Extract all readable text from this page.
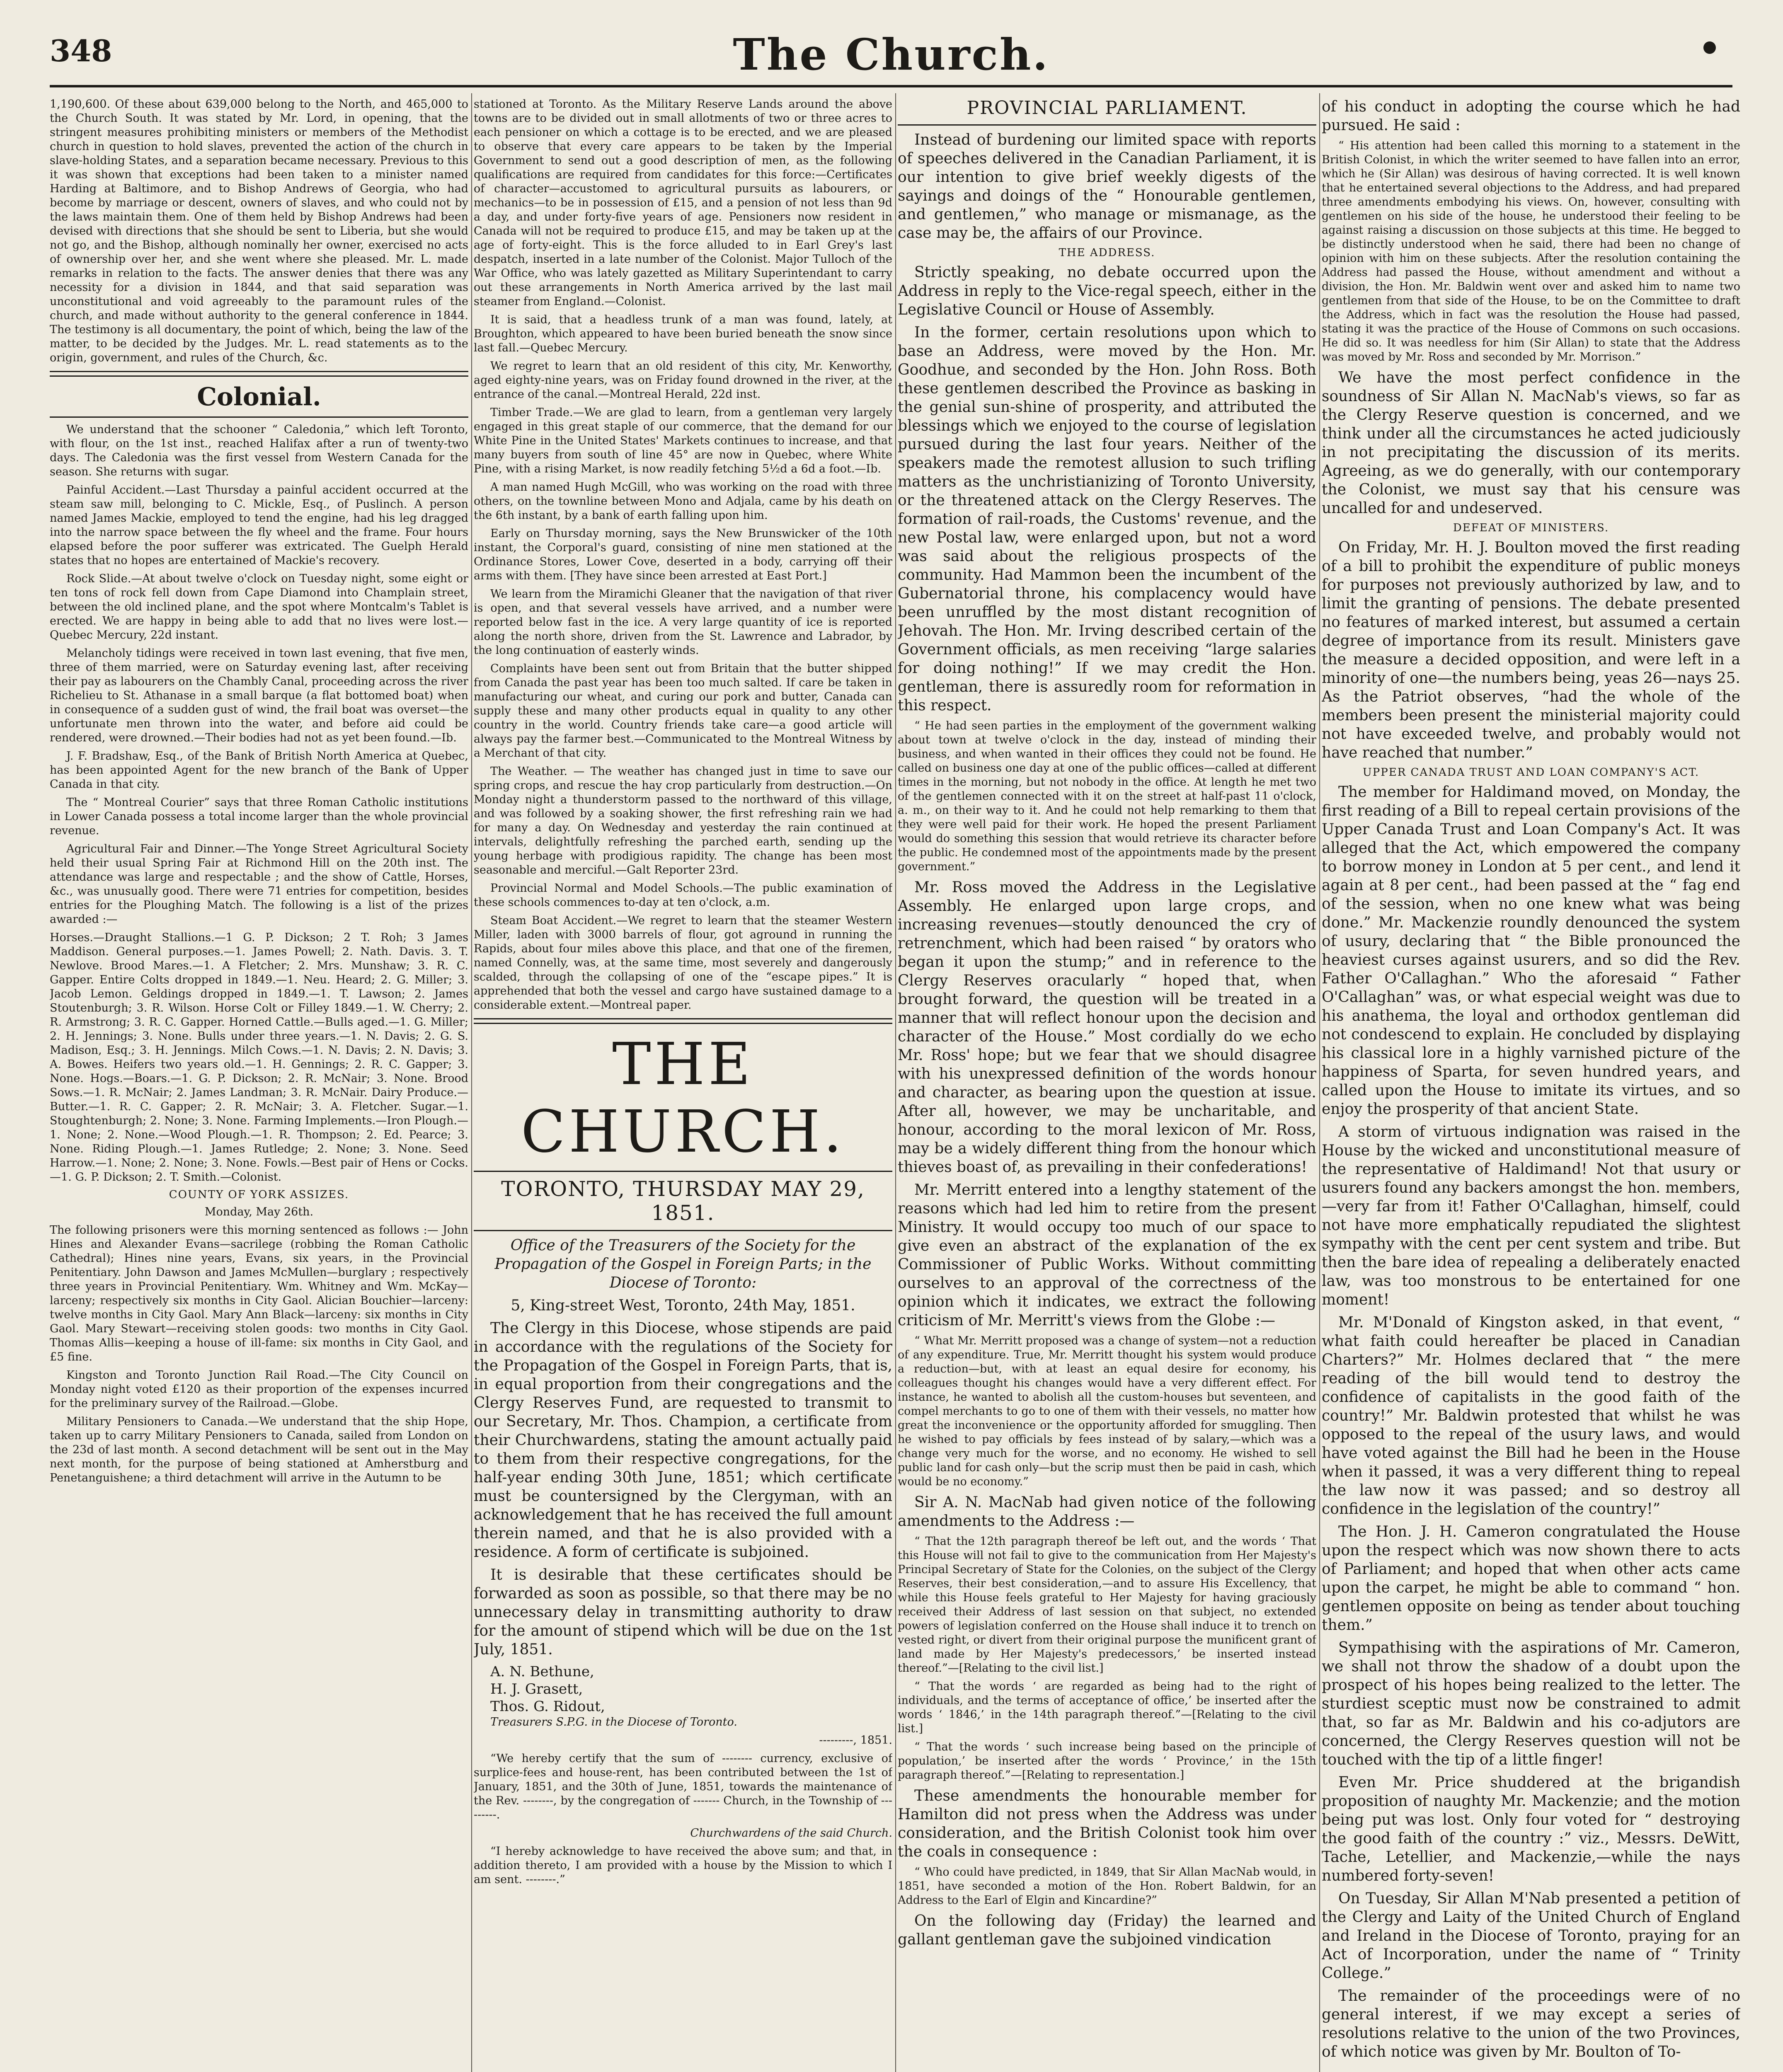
348	The Church.

1,190,600. Of these about 639,000 belong to the North, and 465,000 to the Church South. It was stated by Mr. Lord, in opening, that the stringent measures prohibiting ministers or members of the Methodist church in question to hold slaves, prevented the action of the church in slave-holding States, and a separation became necessary. Previous to this it was shown that exceptions had been taken to a minister named Harding at Baltimore, and to Bishop Andrews of Georgia, who had become by marriage or descent, owners of slaves, and who could not by the laws maintain them. One of them held by Bishop Andrews had been devised with directions that she should be sent to Liberia, but she would not go, and the Bishop, although nominally her owner, exercised no acts of ownership over her, and she went where she pleased. Mr. L. made remarks in relation to the facts. The answer denies that there was any necessity for a division in 1844, and that said separation was unconstitutional and void agreeably to the paramount rules of the church, and made without authority to the general conference in 1844. The testimony is all documentary, the point of which, being the law of the matter, to be decided by the Judges. Mr. L. read statements as to the origin, government, and rules of the Church, &c.

Colonial.

We understand that the schooner “ Caledonia,” which left Toronto, with flour, on the 1st inst., reached Halifax after a run of twenty-two days. The Caledonia was the first vessel from Western Canada for the season. She returns with sugar.

Painful Accident.—Last Thursday a painful accident occurred at the steam saw mill, belonging to C. Mickle, Esq., of Puslinch. A person named James Mackie, employed to tend the engine, had his leg dragged into the narrow space between the fly wheel and the frame. Four hours elapsed before the poor sufferer was extricated. The Guelph Herald states that no hopes are entertained of Mackie's recovery.

Rock Slide.—At about twelve o'clock on Tuesday night, some eight or ten tons of rock fell down from Cape Diamond into Champlain street, between the old inclined plane, and the spot where Montcalm's Tablet is erected. We are happy in being able to add that no lives were lost.—Quebec Mercury, 22d instant.

Melancholy tidings were received in town last evening, that five men, three of them married, were on Saturday evening last, after receiving their pay as labourers on the Chambly Canal, proceeding across the river Richelieu to St. Athanase in a small barque (a flat bottomed boat) when in consequence of a sudden gust of wind, the frail boat was overset—the unfortunate men thrown into the water, and before aid could be rendered, were drowned.—Their bodies had not as yet been found.—Ib.

J. F. Bradshaw, Esq., of the Bank of British North America at Quebec, has been appointed Agent for the new branch of the Bank of Upper Canada in that city.

The “ Montreal Courier” says that three Roman Catholic institutions in Lower Canada possess a total income larger than the whole provincial revenue.

Agricultural Fair and Dinner.—The Yonge Street Agricultural Society held their usual Spring Fair at Richmond Hill on the 20th inst. The attendance was large and respectable ; and the show of Cattle, Horses, &c., was unusually good. There were 71 entries for competition, besides entries for the Ploughing Match. The following is a list of the prizes awarded :—

Horses.—Draught Stallions.—1 G. P. Dickson; 2 T. Roh; 3 James Maddison. General purposes.—1. James Powell; 2. Nath. Davis. 3. T. Newlove. Brood Mares.—1. A Fletcher; 2. Mrs. Munshaw; 3. R. C. Gapper. Entire Colts dropped in 1849.—1. Neu. Heard; 2. G. Miller; 3. Jacob Lemon. Geldings dropped in 1849.—1. T. Lawson; 2. James Stoutenburgh; 3. R. Wilson. Horse Colt or Filley 1849.—1. W. Cherry; 2. R. Armstrong; 3. R. C. Gapper. Horned Cattle.—Bulls aged.—1. G. Miller; 2. H. Jennings; 3. None. Bulls under three years.—1. N. Davis; 2. G. S. Madison, Esq.; 3. H. Jennings. Milch Cows.—1. N. Davis; 2. N. Davis; 3. A. Bowes. Heifers two years old.—1. H. Gennings; 2. R. C. Gapper; 3. None. Hogs.—Boars.—1. G. P. Dickson; 2. R. McNair; 3. None. Brood Sows.—1. R. McNair; 2. James Landman; 3. R. McNair. Dairy Produce.—Butter.—1. R. C. Gapper; 2. R. McNair; 3. A. Fletcher. Sugar.—1. Stoughtenburgh; 2. None; 3. None. Farming Implements.—Iron Plough.—1. None; 2. None.—Wood Plough.—1. R. Thompson; 2. Ed. Pearce; 3. None. Riding Plough.—1. James Rutledge; 2. None; 3. None. Seed Harrow.—1. None; 2. None; 3. None. Fowls.—Best pair of Hens or Cocks.—1. G. P. Dickson; 2. T. Smith.—Colonist.

COUNTY OF YORK ASSIZES.

Monday, May 26th.

The following prisoners were this morning sentenced as follows :— John Hines and Alexander Evans—sacrilege (robbing the Roman Catholic Cathedral); Hines nine years, Evans, six years, in the Provincial Penitentiary. John Dawson and James McMullen—burglary ; respectively three years in Provincial Penitentiary. Wm. Whitney and Wm. McKay—larceny; respectively six months in City Gaol. Alician Bouchier—larceny: twelve months in City Gaol. Mary Ann Black—larceny: six months in City Gaol. Mary Stewart—receiving stolen goods: two months in City Gaol. Thomas Allis—keeping a house of ill-fame: six months in City Gaol, and £5 fine.

Kingston and Toronto Junction Rail Road.—The City Council on Monday night voted £120 as their proportion of the expenses incurred for the preliminary survey of the Railroad.—Globe.

Military Pensioners to Canada.—We understand that the ship Hope, taken up to carry Military Pensioners to Canada, sailed from London on the 23d of last month. A second detachment will be sent out in the May next month, for the purpose of being stationed at Amherstburg and Penetanguishene; a third detachment will arrive in the Autumn to be

stationed at Toronto. As the Military Reserve Lands around the above towns are to be divided out in small allotments of two or three acres to each pensioner on which a cottage is to be erected, and we are pleased to observe that every care appears to be taken by the Imperial Government to send out a good description of men, as the following qualifications are required from candidates for this force:—Certificates of character—accustomed to agricultural pursuits as labourers, or mechanics—to be in possession of £15, and a pension of not less than 9d a day, and under forty-five years of age. Pensioners now resident in Canada will not be required to produce £15, and may be taken up at the age of forty-eight. This is the force alluded to in Earl Grey's last despatch, inserted in a late number of the Colonist. Major Tulloch of the War Office, who was lately gazetted as Military Superintendant to carry out these arrangements in North America arrived by the last mail steamer from England.—Colonist.

It is said, that a headless trunk of a man was found, lately, at Broughton, which appeared to have been buried beneath the snow since last fall.—Quebec Mercury.

We regret to learn that an old resident of this city, Mr. Kenworthy, aged eighty-nine years, was on Friday found drowned in the river, at the entrance of the canal.—Montreal Herald, 22d inst.

Timber Trade.—We are glad to learn, from a gentleman very largely engaged in this great staple of our commerce, that the demand for our White Pine in the United States' Markets continues to increase, and that many buyers from south of line 45° are now in Quebec, where White Pine, with a rising Market, is now readily fetching 5½d a 6d a foot.—Ib.

A man named Hugh McGill, who was working on the road with three others, on the townline between Mono and Adjala, came by his death on the 6th instant, by a bank of earth falling upon him.

Early on Thursday morning, says the New Brunswicker of the 10th instant, the Corporal's guard, consisting of nine men stationed at the Ordinance Stores, Lower Cove, deserted in a body, carrying off their arms with them. [They have since been arrested at East Port.]

We learn from the Miramichi Gleaner that the navigation of that river is open, and that several vessels have arrived, and a number were reported below fast in the ice. A very large quantity of ice is reported along the north shore, driven from the St. Lawrence and Labrador, by the long continuation of easterly winds.

Complaints have been sent out from Britain that the butter shipped from Canada the past year has been too much salted. If care be taken in manufacturing our wheat, and curing our pork and butter, Canada can supply these and many other products equal in quality to any other country in the world. Country friends take care—a good article will always pay the farmer best.—Communicated to the Montreal Witness by a Merchant of that city.

The Weather. — The weather has changed just in time to save our spring crops, and rescue the hay crop particularly from destruction.—On Monday night a thunderstorm passed to the northward of this village, and was followed by a soaking shower, the first refreshing rain we had for many a day. On Wednesday and yesterday the rain continued at intervals, delightfully refreshing the parched earth, sending up the young herbage with prodigious rapidity. The change has been most seasonable and merciful.—Galt Reporter 23rd.

Provincial Normal and Model Schools.—The public examination of these schools commences to-day at ten o'clock, a.m.

Steam Boat Accident.—We regret to learn that the steamer Western Miller, laden with 3000 barrels of flour, got aground in running the Rapids, about four miles above this place, and that one of the firemen, named Connelly, was, at the same time, most severely and dangerously scalded, through the collapsing of one of the “escape pipes.” It is apprehended that both the vessel and cargo have sustained damage to a considerable extent.—Montreal paper.

THE CHURCH.
TORONTO, THURSDAY MAY 29, 1851.

Office of the Treasurers of the Society for the Propagation of the Gospel in Foreign Parts; in the Diocese of Toronto:

5, King-street West, Toronto, 24th May, 1851.

The Clergy in this Diocese, whose stipends are paid in accordance with the regulations of the Society for the Propagation of the Gospel in Foreign Parts, that is, in equal proportion from their congregations and the Clergy Reserves Fund, are requested to transmit to our Secretary, Mr. Thos. Champion, a certificate from their Churchwardens, stating the amount actually paid to them from their respective congregations, for the half-year ending 30th June, 1851; which certificate must be countersigned by the Clergyman, with an acknowledgement that he has received the full amount therein named, and that he is also provided with a residence. A form of certificate is subjoined.

It is desirable that these certificates should be forwarded as soon as possible, so that there may be no unnecessary delay in transmitting authority to draw for the amount of stipend which will be due on the 1st July, 1851.

A. N. Bethune,
H. J. Grasett,
Thos. G. Ridout,
Treasurers S.P.G. in the Diocese of Toronto.

---------, 1851.

“We hereby certify that the sum of -------- currency, exclusive of surplice-fees and house-rent, has been contributed between the 1st of January, 1851, and the 30th of June, 1851, towards the maintenance of the Rev. --------, by the congregation of ------- Church, in the Township of ---------.

Churchwardens of the said Church.

“I hereby acknowledge to have received the above sum; and that, in addition thereto, I am provided with a house by the Mission to which I am sent. --------.”

PROVINCIAL PARLIAMENT.

Instead of burdening our limited space with reports of speeches delivered in the Canadian Parliament, it is our intention to give brief weekly digests of the sayings and doings of the “ Honourable gentlemen, and gentlemen,” who manage or mismanage, as the case may be, the affairs of our Province.

THE ADDRESS.

Strictly speaking, no debate occurred upon the Address in reply to the Vice-regal speech, either in the Legislative Council or House of Assembly.

In the former, certain resolutions upon which to base an Address, were moved by the Hon. Mr. Goodhue, and seconded by the Hon. John Ross. Both these gentlemen described the Province as basking in the genial sun-shine of prosperity, and attributed the blessings which we enjoyed to the course of legislation pursued during the last four years. Neither of the speakers made the remotest allusion to such trifling matters as the unchristianizing of Toronto University, or the threatened attack on the Clergy Reserves. The formation of rail-roads, the Customs' revenue, and the new Postal law, were enlarged upon, but not a word was said about the religious prospects of the community. Had Mammon been the incumbent of the Gubernatorial throne, his complacency would have been unruffled by the most distant recognition of Jehovah. The Hon. Mr. Irving described certain of the Government officials, as men receiving “large salaries for doing nothing!” If we may credit the Hon. gentleman, there is assuredly room for reformation in this respect.

“ He had seen parties in the employment of the government walking about town at twelve o'clock in the day, instead of minding their business, and when wanted in their offices they could not be found. He called on business one day at one of the public offices—called at different times in the morning, but not nobody in the office. At length he met two of the gentlemen connected with it on the street at half-past 11 o'clock, a. m., on their way to it. And he could not help remarking to them that they were well paid for their work. He hoped the present Parliament would do something this session that would retrieve its character before the public. He condemned most of the appointments made by the present government.”

Mr. Ross moved the Address in the Legislative Assembly. He enlarged upon large crops, and increasing revenues—stoutly denounced the cry of retrenchment, which had been raised “ by orators who began it upon the stump;” and in reference to the Clergy Reserves oracularly “ hoped that, when brought forward, the question will be treated in a manner that will reflect honour upon the decision and character of the House.” Most cordially do we echo Mr. Ross' hope; but we fear that we should disagree with his unexpressed definition of the words honour and character, as bearing upon the question at issue. After all, however, we may be uncharitable, and honour, according to the moral lexicon of Mr. Ross, may be a widely different thing from the honour which thieves boast of, as prevailing in their confederations!

Mr. Merritt entered into a lengthy statement of the reasons which had led him to retire from the present Ministry. It would occupy too much of our space to give even an abstract of the explanation of the ex Commissioner of Public Works. Without committing ourselves to an approval of the correctness of the opinion which it indicates, we extract the following criticism of Mr. Merritt's views from the Globe :—

“ What Mr. Merritt proposed was a change of system—not a reduction of any expenditure. True, Mr. Merritt thought his system would produce a reduction—but, with at least an equal desire for economy, his colleagues thought his changes would have a very different effect. For instance, he wanted to abolish all the custom-houses but seventeen, and compel merchants to go to one of them with their vessels, no matter how great the inconvenience or the opportunity afforded for smuggling. Then he wished to pay officials by fees instead of by salary,—which was a change very much for the worse, and no economy. He wished to sell public land for cash only—but the scrip must then be paid in cash, which would be no economy.”

Sir A. N. MacNab had given notice of the following amendments to the Address :—

“ That the 12th paragraph thereof be left out, and the words ‘ That this House will not fail to give to the communication from Her Majesty's Principal Secretary of State for the Colonies, on the subject of the Clergy Reserves, their best consideration,—and to assure His Excellency, that while this House feels grateful to Her Majesty for having graciously received their Address of last session on that subject, no extended powers of legislation conferred on the House shall induce it to trench on vested right, or divert from their original purpose the munificent grant of land made by Her Majesty's predecessors,’ be inserted instead thereof.”—[Relating to the civil list.]

“ That the words ‘ are regarded as being had to the right of individuals, and the terms of acceptance of office,’ be inserted after the words ‘ 1846,’ in the 14th paragraph thereof.”—[Relating to the civil list.]

“ That the words ‘ such increase being based on the principle of population,’ be inserted after the words ‘ Province,’ in the 15th paragraph thereof.”—[Relating to representation.]

These amendments the honourable member for Hamilton did not press when the Address was under consideration, and the British Colonist took him over the coals in consequence :

“ Who could have predicted, in 1849, that Sir Allan MacNab would, in 1851, have seconded a motion of the Hon. Robert Baldwin, for an Address to the Earl of Elgin and Kincardine?”

On the following day (Friday) the learned and gallant gentleman gave the subjoined vindication

of his conduct in adopting the course which he had pursued. He said :

“ His attention had been called this morning to a statement in the British Colonist, in which the writer seemed to have fallen into an error, which he (Sir Allan) was desirous of having corrected. It is well known that he entertained several objections to the Address, and had prepared three amendments embodying his views. On, however, consulting with gentlemen on his side of the house, he understood their feeling to be against raising a discussion on those subjects at this time. He begged to be distinctly understood when he said, there had been no change of opinion with him on these subjects. After the resolution containing the Address had passed the House, without amendment and without a division, the Hon. Mr. Baldwin went over and asked him to name two gentlemen from that side of the House, to be on the Committee to draft the Address, which in fact was the resolution the House had passed, stating it was the practice of the House of Commons on such occasions. He did so. It was needless for him (Sir Allan) to state that the Address was moved by Mr. Ross and seconded by Mr. Morrison.”

We have the most perfect confidence in the soundness of Sir Allan N. MacNab's views, so far as the Clergy Reserve question is concerned, and we think under all the circumstances he acted judiciously in not precipitating the discussion of its merits. Agreeing, as we do generally, with our contemporary the Colonist, we must say that his censure was uncalled for and undeserved.

DEFEAT OF MINISTERS.

On Friday, Mr. H. J. Boulton moved the first reading of a bill to prohibit the expenditure of public moneys for purposes not previously authorized by law, and to limit the granting of pensions. The debate presented no features of marked interest, but assumed a certain degree of importance from its result. Ministers gave the measure a decided opposition, and were left in a minority of one—the numbers being, yeas 26—nays 25. As the Patriot observes, “had the whole of the members been present the ministerial majority could not have exceeded twelve, and probably would not have reached that number.”

UPPER CANADA TRUST AND LOAN COMPANY'S ACT.

The member for Haldimand moved, on Monday, the first reading of a Bill to repeal certain provisions of the Upper Canada Trust and Loan Company's Act. It was alleged that the Act, which empowered the company to borrow money in London at 5 per cent., and lend it again at 8 per cent., had been passed at the “ fag end of the session, when no one knew what was being done.” Mr. Mackenzie roundly denounced the system of usury, declaring that “ the Bible pronounced the heaviest curses against usurers, and so did the Rev. Father O'Callaghan.” Who the aforesaid “ Father O'Callaghan” was, or what especial weight was due to his anathema, the loyal and orthodox gentleman did not condescend to explain. He concluded by displaying his classical lore in a highly varnished picture of the happiness of Sparta, for seven hundred years, and called upon the House to imitate its virtues, and so enjoy the prosperity of that ancient State.

A storm of virtuous indignation was raised in the House by the wicked and unconstitutional measure of the representative of Haldimand! Not that usury or usurers found any backers amongst the hon. members,—very far from it! Father O'Callaghan, himself, could not have more emphatically repudiated the slightest sympathy with the cent per cent system and tribe. But then the bare idea of repealing a deliberately enacted law, was too monstrous to be entertained for one moment!

Mr. M'Donald of Kingston asked, in that event, “ what faith could hereafter be placed in Canadian Charters?” Mr. Holmes declared that “ the mere reading of the bill would tend to destroy the confidence of capitalists in the good faith of the country!” Mr. Baldwin protested that whilst he was opposed to the repeal of the usury laws, and would have voted against the Bill had he been in the House when it passed, it was a very different thing to repeal the law now it was passed; and so destroy all confidence in the legislation of the country!”

The Hon. J. H. Cameron congratulated the House upon the respect which was now shown there to acts of Parliament; and hoped that when other acts came upon the carpet, he might be able to command “ hon. gentlemen opposite on being as tender about touching them.”

Sympathising with the aspirations of Mr. Cameron, we shall not throw the shadow of a doubt upon the prospect of his hopes being realized to the letter. The sturdiest sceptic must now be constrained to admit that, so far as Mr. Baldwin and his co-adjutors are concerned, the Clergy Reserves question will not be touched with the tip of a little finger!

Even Mr. Price shuddered at the brigandish proposition of naughty Mr. Mackenzie; and the motion being put was lost. Only four voted for “ destroying the good faith of the country :” viz., Messrs. DeWitt, Tache, Letellier, and Mackenzie,—while the nays numbered forty-seven!

On Tuesday, Sir Allan M'Nab presented a petition of the Clergy and Laity of the United Church of England and Ireland in the Diocese of Toronto, praying for an Act of Incorporation, under the name of “ Trinity College.”

The remainder of the proceedings were of no general interest, if we may except a series of resolutions relative to the union of the two Provinces, of which notice was given by Mr. Boulton of To-
